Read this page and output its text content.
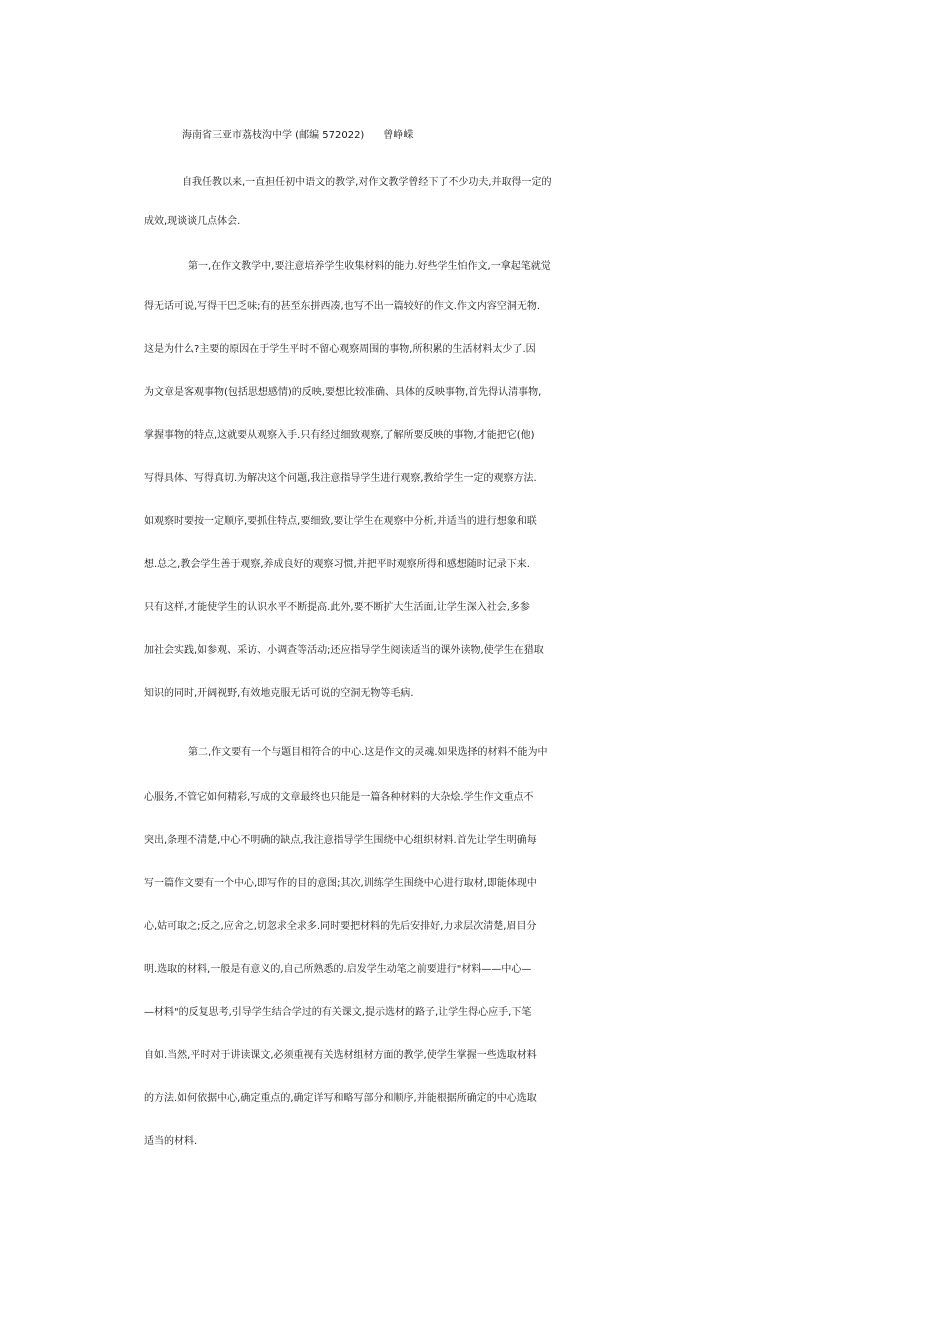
海南省三亚市荔枝沟中学 (邮编 572022)      曾峥嵘
自我任教以来,一直担任初中语文的教学,对作文教学曾经下了不少功夫,并取得一定的
成效,现谈谈几点体会.
第一,在作文教学中,要注意培养学生收集材料的能力.好些学生怕作文,一拿起笔就觉
得无话可说,写得干巴乏味;有的甚至东拼西凑,也写不出一篇较好的作文.作文内容空洞无物.
这是为什么?主要的原因在于学生平时不留心观察周围的事物,所积累的生活材料太少了.因
为文章是客观事物(包括思想感情)的反映,要想比较准确、具体的反映事物,首先得认清事物,
掌握事物的特点,这就要从观察入手.只有经过细致观察,了解所要反映的事物,才能把它(他)
写得具体、写得真切.为解决这个问题,我注意指导学生进行观察,教给学生一定的观察方法.
如观察时要按一定顺序,要抓住特点,要细致,要让学生在观察中分析,并适当的进行想象和联
想.总之,教会学生善于观察,养成良好的观察习惯,并把平时观察所得和感想随时记录下来.
只有这样,才能使学生的认识水平不断提高.此外,要不断扩大生活面,让学生深入社会,多参
加社会实践,如参观、采访、小调查等活动;还应指导学生阅读适当的课外读物,使学生在猎取
知识的同时,开阔视野,有效地克服无话可说的空洞无物等毛病.
第二,作文要有一个与题目相符合的中心.这是作文的灵魂.如果选择的材料不能为中
心服务,不管它如何精彩,写成的文章最终也只能是一篇各种材料的大杂烩.学生作文重点不
突出,条理不清楚,中心不明确的缺点,我注意指导学生围绕中心组织材料.首先让学生明确每
写一篇作文要有一个中心,即写作的目的意图;其次,训练学生围绕中心进行取材,即能体现中
心,姑可取之;反之,应舍之,切忽求全求多.同时要把材料的先后安排好,力求层次清楚,眉目分
明.选取的材料,一般是有意义的,自己所熟悉的.启发学生动笔之前要进行"材料——中心—
—材料"的反复思考,引导学生结合学过的有关课文,提示选材的路子,让学生得心应手,下笔
自如.当然,平时对于讲读课文,必须重视有关选材组材方面的教学,使学生掌握一些选取材料
的方法.如何依据中心,确定重点的,确定详写和略写部分和顺序,并能根据所确定的中心选取
适当的材料.
